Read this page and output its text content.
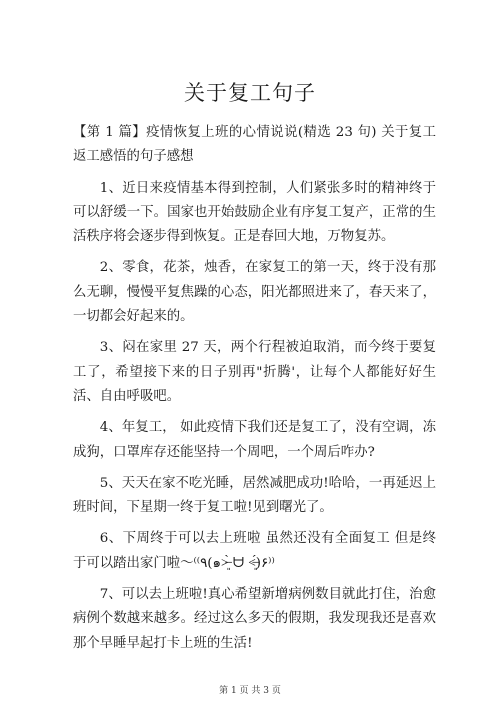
关于复工句子

【第 1 篇】疫情恢复上班的心情说说(精选 23 句) 关于复工返工感悟的句子感想

1、近日来疫情基本得到控制，人们紧张多时的精神终于可以舒缓一下。国家也开始鼓励企业有序复工复产，正常的生活秩序将会逐步得到恢复。正是春回大地，万物复苏。

2、零食，花茶，烛香，在家复工的第一天，终于没有那么无聊，慢慢平复焦躁的心态，阳光都照进来了，春天来了，一切都会好起来的。

3、闷在家里 27 天，两个行程被迫取消，而今终于要复工了，希望接下来的日子别再"折腾'，让每个人都能好好生活、自由呼吸吧。

4、年复工， 如此疫情下我们还是复工了，没有空调，冻成狗，口罩库存还能坚持一个周吧，一个周后咋办?

5、天天在家不吃光睡，居然减肥成功!哈哈，一再延迟上班时间，下星期一终于复工啦!见到曙光了。

6、下周终于可以去上班啦 虽然还没有全面复工 但是终于可以踏出家门啦～⁽⁽٩(๑˃̶͈̀ ᗨ ˂̶͈́)۶⁾⁾

7、可以去上班啦!真心希望新增病例数目就此打住，治愈病例个数越来越多。经过这么多天的假期，我发现我还是喜欢那个早睡早起打卡上班的生活!

第 1 页 共 3 页
